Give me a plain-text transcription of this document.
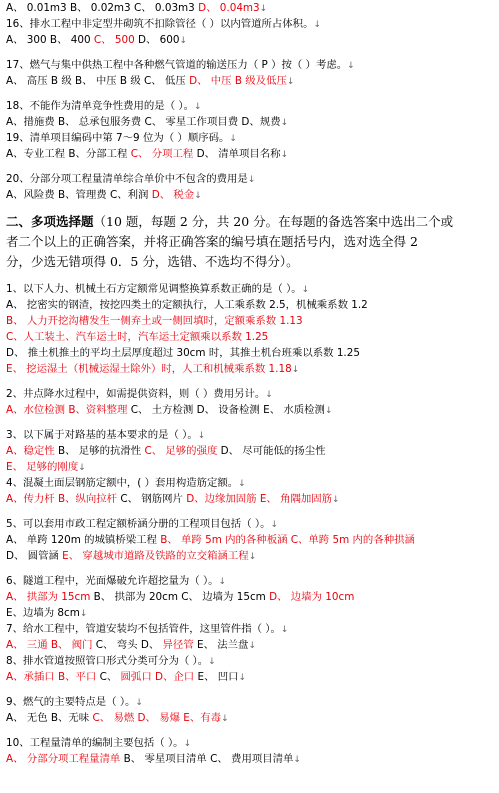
A、 0.01m3 B、 0.02m3 C、 0.03m3 D、 0.04m3↓
16、排水工程中非定型井砌筑不扣除管径（ ）以内管道所占体积。↓
A、 300 B、 400 C、 500 D、 600↓
17、燃气与集中供热工程中各种燃气管道的输送压力（ P ）按（ ）考虑。↓
A、 高压 B 级 B、 中压 B 级 C、 低压 D、 中压 B 级及低压↓
18、不能作为清单竞争性费用的是（ ）。↓
A、措施费 B、 总承包服务费 C、 零星工作项目费 D、规费↓
19、清单项目编码中第 7～9 位为（ ）顺序码。↓
A、专业工程 B、分部工程 C、 分项工程 D、 清单项目名称↓
20、分部分项工程量清单综合单价中不包含的费用是↓
A、风险费 B、管理费 C、利润 D、 税金↓
二、多项选择题（10 题，每题 2 分，共 20 分。在每题的备选答案中选出二个或
者二个以上的正确答案，并将正确答案的编号填在题括号内，选对选全得 2
分，少选无错项得 0．5 分，选错、不选均不得分）。
1、以下人力、机械土石方定额常见调整换算系数正确的是（ ）。↓
A、 挖密实的钢渣，按挖四类土的定额执行，人工乘系数 2.5，机械乘系数 1.2
B、 人力开挖沟槽发生一侧弃土或一侧回填时，定额乘系数 1.13
C、人工装土、汽车运土时，汽车运土定额乘以系数 1.25
D、 推土机推土的平均土层厚度超过 30cm 时，其推土机台班乘以系数 1.25
E、 挖运湿土（机械运湿土除外）时，人工和机械乘系数 1.18↓
2、井点降水过程中，如需提供资料，则（ ）费用另计。↓
A、水位检测 B、资料整理 C、 土方检测 D、 设备检测 E、 水质检测↓
3、以下属于对路基的基本要求的是（ ）。↓
A、稳定性 B、 足够的抗滑性 C、 足够的强度 D、 尽可能低的扬尘性
E、 足够的刚度↓
4、混凝土面层钢筋定额中，( ）套用构造筋定额。↓
A、传力杆 B、纵向拉杆 C、 钢筋网片 D、边缘加固筋 E、 角隅加固筋↓
5、可以套用市政工程定额桥涵分册的工程项目包括（ ）。↓
A、 单跨 120m 的城镇桥梁工程 B、 单跨 5m 内的各种板涵 C、单跨 5m 内的各种拱涵
D、 圆管涵 E、 穿越城市道路及铁路的立交箱涵工程↓
6、隧道工程中，光面爆破允许超挖量为（ ）。↓
A、 拱部为 15cm B、 拱部为 20cm C、 边墙为 15cm D、 边墙为 10cm
E、边墙为 8cm↓
7、给水工程中，管道安装均不包括管件，这里管件指（ ）。↓
A、 三通 B、 阀门 C、 弯头 D、 异径管 E、 法兰盘↓
8、排水管道按照管口形式分类可分为（ ）。↓
A、承插口 B、平口 C、 圆弧口 D、企口 E、 凹口↓
9、燃气的主要特点是（ ）。↓
A、 无色 B、无味 C、 易燃 D、 易爆 E、有毒↓
10、工程量清单的编制主要包括（ ）。↓
A、 分部分项工程量清单 B、 零星项目清单 C、 费用项目清单↓
